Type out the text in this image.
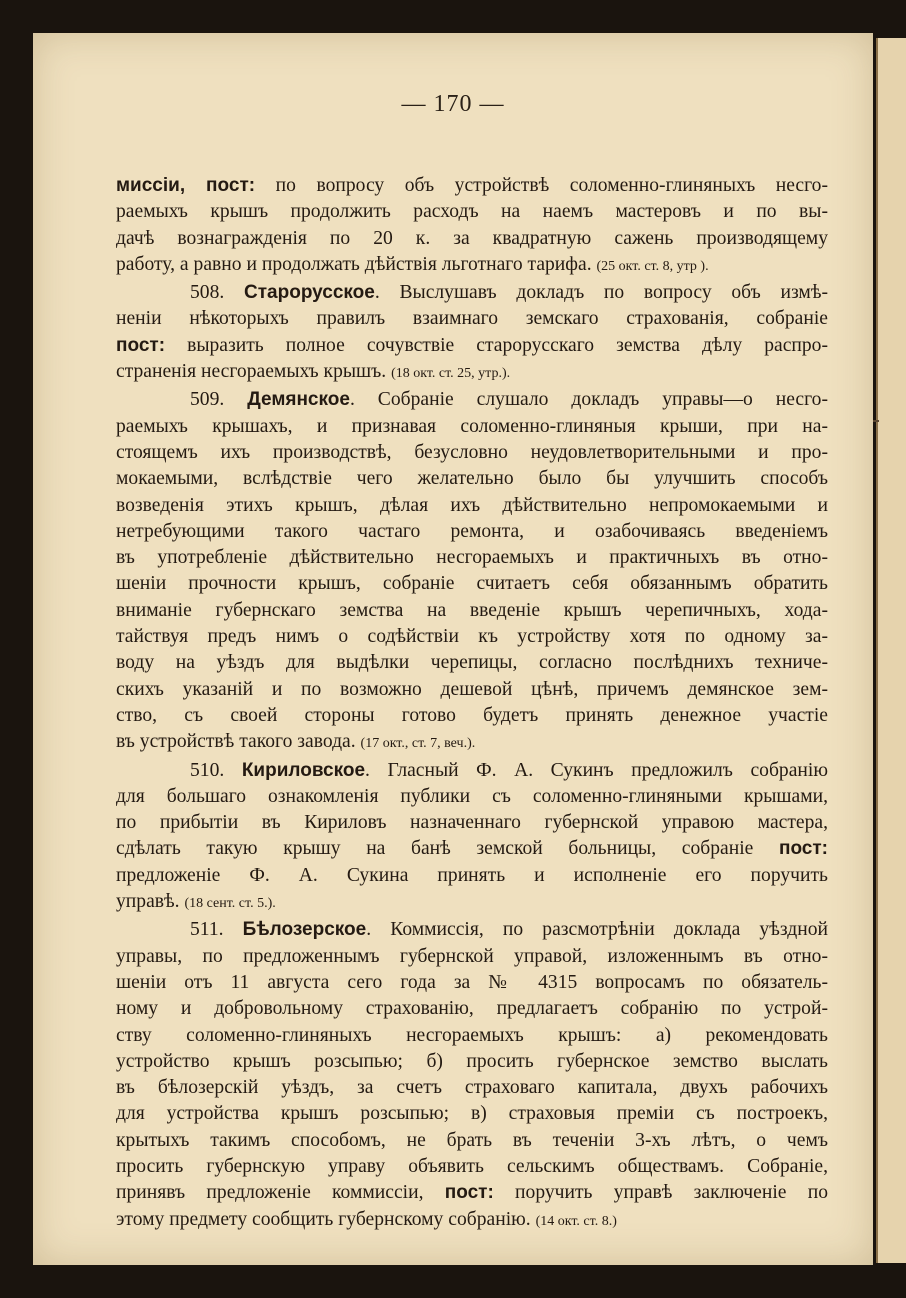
— 170 —
миссіи, пост: по вопросу объ устройствѣ соломенно-глиняныхъ несго-
раемыхъ крышъ продолжить расходъ на наемъ мастеровъ и по вы-
дачѣ вознагражденія по 20 к. за квадратную сажень производящему
работу, а равно и продолжать дѣйствія льготнаго тарифа. (25 окт. ст. 8, утр ).
508. Старорусское. Выслушавъ докладъ по вопросу объ измѣ-
неніи нѣкоторыхъ правилъ взаимнаго земскаго страхованія, собраніе
пост: выразить полное сочувствіе старорусскаго земства дѣлу распро-
страненія несгораемыхъ крышъ. (18 окт. ст. 25, утр.).
509. Демянское. Собраніе слушало докладъ управы—о несго-
раемыхъ крышахъ, и признавая соломенно-глиняныя крыши, при на-
стоящемъ ихъ производствѣ, безусловно неудовлетворительными и про-
мокаемыми, вслѣдствіе чего желательно было бы улучшить способъ
возведенія этихъ крышъ, дѣлая ихъ дѣйствительно непромокаемыми и
нетребующими такого частаго ремонта, и озабочиваясь введеніемъ
въ употребленіе дѣйствительно несгораемыхъ и практичныхъ въ отно-
шеніи прочности крышъ, собраніе считаетъ себя обязаннымъ обратить
вниманіе губернскаго земства на введеніе крышъ черепичныхъ, хода-
тайствуя предъ нимъ о содѣйствіи къ устройству хотя по одному за-
воду на уѣздъ для выдѣлки черепицы, согласно послѣднихъ техниче-
скихъ указаній и по возможно дешевой цѣнѣ, причемъ демянское зем-
ство, съ своей стороны готово будетъ принять денежное участіе
въ устройствѣ такого завода. (17 окт., ст. 7, веч.).
510. Кириловское. Гласный Ф. А. Сукинъ предложилъ собранію
для большаго ознакомленія публики съ соломенно-глиняными крышами,
по прибытіи въ Кириловъ назначеннаго губернской управою мастера,
сдѣлать такую крышу на банѣ земской больницы, собраніе пост:
предложеніе Ф. А. Сукина принять и исполненіе его поручить
управѣ. (18 сент. ст. 5.).
511. Бѣлозерское. Коммиссія, по разсмотрѣніи доклада уѣздной
управы, по предложеннымъ губернской управой, изложеннымъ въ отно-
шеніи отъ 11 августа сего года за № 4315 вопросамъ по обязатель-
ному и добровольному страхованію, предлагаетъ собранію по устрой-
ству соломенно-глиняныхъ несгораемыхъ крышъ: а) рекомендовать
устройство крышъ розсыпью; б) просить губернское земство выслать
въ бѣлозерскій уѣздъ, за счетъ страховаго капитала, двухъ рабочихъ
для устройства крышъ розсыпью; в) страховыя преміи съ построекъ,
крытыхъ такимъ способомъ, не брать въ теченіи 3-хъ лѣтъ, о чемъ
просить губернскую управу объявить сельскимъ обществамъ. Собраніе,
принявъ предложеніе коммиссіи, пост: поручить управѣ заключеніе по
этому предмету сообщить губернскому собранію. (14 окт. ст. 8.)
